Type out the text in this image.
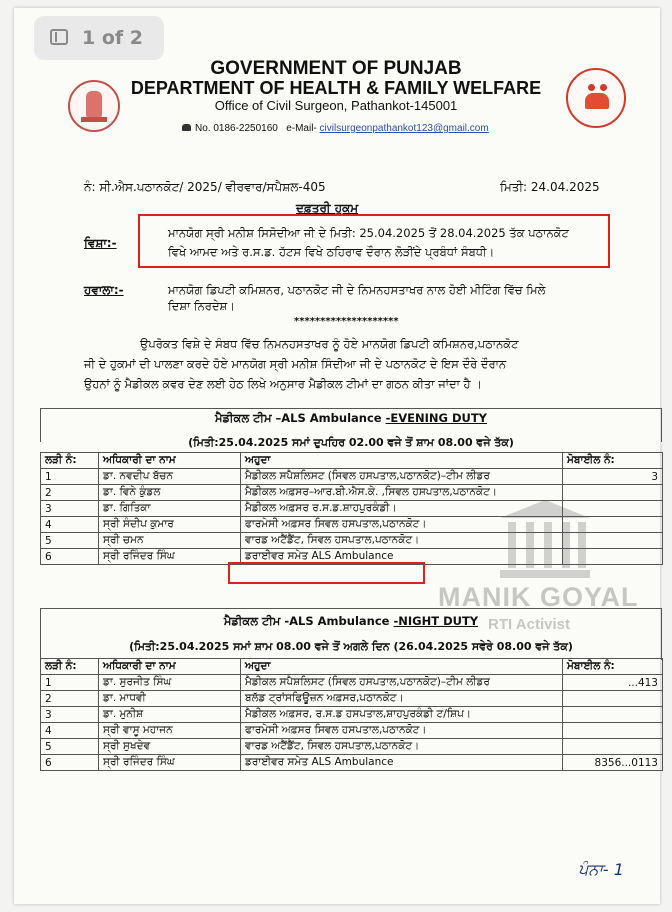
1 of 2
GOVERNMENT OF PUNJAB
DEPARTMENT OF HEALTH & FAMILY WELFARE
Office of Civil Surgeon, Pathankot-145001
No. 0186-2250160 e-Mail- civilsurgeonpathankot123@gmail.com
ਨੰ: ਸੀ.ਐਸ.ਪਠਾਨਕੋਟ/ 2025/ ਵੀਰਵਾਰ/ਸਪੈਸ਼ਲ-405	ਮਿਤੀ: 24.04.2025
ਦਫ਼ਤਰੀ ਹੁਕਮ
ਵਿਸ਼ਾ:-
ਮਾਨਯੋਗ ਸ੍ਰੀ ਮਨੀਸ਼ ਸਿਸੋਦੀਆ ਜੀ ਦੇ ਮਿਤੀ: 25.04.2025 ਤੋਂ 28.04.2025 ਤੱਕ ਪਠਾਨਕੋਟ
ਵਿਖੇ ਆਮਦ ਅਤੇ ਰ.ਸ.ਡ. ਹੱਟਸ ਵਿਖੇ ਠਹਿਰਾਵ ਦੌਰਾਨ ਲੋੜੀਂਦੇ ਪ੍ਰਬੰਧਾਂ ਸੰਬਧੀ।
ਹਵਾਲਾ:-	ਮਾਨਯੋਗ ਡਿਪਟੀ ਕਮਿਸ਼ਨਰ, ਪਠਾਨਕੋਟ ਜੀ ਦੇ ਨਿਮਨਹਸਤਾਖਰ ਨਾਲ ਹੋਈ ਮੀਟਿੰਗ ਵਿੱਚ ਮਿਲੇ
ਦਿਸ਼ਾ ਨਿਰਦੇਸ਼।
********************
ਉਪਰੋਕਤ ਵਿਸ਼ੇ ਦੇ ਸੰਬਧ ਵਿੱਚ ਨਿਮਨਹਸਤਾਖਰ ਨੂੰ ਹੋਏ ਮਾਨਯੋਗ ਡਿਪਟੀ ਕਮਿਸ਼ਨਰ,ਪਠਾਨਕੋਟ
ਜੀ ਦੇ ਹੁਕਮਾਂ ਦੀ ਪਾਲਣਾ ਕਰਦੇ ਹੋਏ ਮਾਨਯੋਗ ਸ੍ਰੀ ਮਨੀਸ਼ ਸਿੰਦੀਆ ਜੀ ਦੇ ਪਠਾਨਕੋਟ ਦੇ ਇਸ ਦੌਰੇ ਦੌਰਾਨ
ਉਹਨਾਂ ਨੂੰ ਮੈਡੀਕਲ ਕਵਰ ਦੇਣ ਲਈ ਹੇਠ ਲਿਖੇ ਅਨੁਸਾਰ ਮੈਡੀਕਲ ਟੀਮਾਂ ਦਾ ਗਠਨ ਕੀਤਾ ਜਾਂਦਾ ਹੈ ।
ਮੈਡੀਕਲ ਟੀਮ –ALS Ambulance -EVENING DUTY
(ਮਿਤੀ:25.04.2025 ਸਮਾਂ ਦੁਪਹਿਰ 02.00 ਵਜੇ ਤੋਂ ਸ਼ਾਮ 08.00 ਵਜੇ ਤੱਕ)
ਲੜੀ ਨੰ:	ਅਧਿਕਾਰੀ ਦਾ ਨਾਮ	ਅਹੁਦਾ	ਮੋਬਾਈਲ ਨੰ:
1	ਡਾ. ਨਵਦੀਪ ਬੱਚਨ	ਮੈਡੀਕਲ ਸਪੈਸ਼ਲਿਸਟ (ਸਿਵਲ ਹਸਪਤਾਲ,ਪਠਾਨਕੋਟ)–ਟੀਮ ਲੀਡਰ	3
2	ਡਾ. ਵਿਨੇ ਕੁੰਡਲ	ਮੈਡੀਕਲ ਅਫ਼ਸਰ–ਆਰ.ਬੀ.ਐਸ.ਕੇ. ,ਸਿਵਲ ਹਸਪਤਾਲ,ਪਠਾਨਕੋਟ।	
3	ਡਾ. ਗਿਤਿਕਾ	ਮੈਡੀਕਲ ਅਫ਼ਸਰ ਰ.ਸ.ਡ.ਸ਼ਾਹਪੁਰਕੰਡੀ।	
4	ਸ੍ਰੀ ਸੰਦੀਪ ਕੁਮਾਰ	ਫਾਰਮੇਸੀ ਅਫ਼ਸਰ ਸਿਵਲ ਹਸਪਤਾਲ,ਪਠਾਨਕੋਟ।	
5	ਸ੍ਰੀ ਚਮਨ	ਵਾਰਡ ਅਟੈਂਡੈਂਟ, ਸਿਵਲ ਹਸਪਤਾਲ,ਪਠਾਨਕੋਟ।	
6	ਸ੍ਰੀ ਰਜਿੰਦਰ ਸਿੰਘ	ਡਰਾਈਵਰ ਸਮੇਤ ALS Ambulance	
ਮੈਡੀਕਲ ਟੀਮ -ALS Ambulance -NIGHT DUTY
(ਮਿਤੀ:25.04.2025 ਸਮਾਂ ਸ਼ਾਮ 08.00 ਵਜੇ ਤੋਂ ਅਗਲੇ ਦਿਨ (26.04.2025 ਸਵੇਰੇ 08.00 ਵਜੇ ਤੱਕ)
ਲੜੀ ਨੰ:	ਅਧਿਕਾਰੀ ਦਾ ਨਾਮ	ਅਹੁਦਾ	ਮੋਬਾਈਲ ਨੰ:
1	ਡਾ. ਸੁਰਜੀਤ ਸਿੰਘ	ਮੈਡੀਕਲ ਸਪੈਸ਼ਲਿਸਟ (ਸਿਵਲ ਹਸਪਤਾਲ,ਪਠਾਨਕੋਟ)–ਟੀਮ ਲੀਡਰ	...413
2	ਡਾ. ਮਾਧਵੀ	ਬਲੱਡ ਟ੍ਰਾਂਸਫਿਊਜ਼ਨ ਅਫ਼ਸਰ,ਪਠਾਨਕੋਟ।	
3	ਡਾ. ਮੁਨੀਸ਼	ਮੈਡੀਕਲ ਅਫ਼ਸਰ, ਰ.ਸ.ਡ ਹਸਪਤਾਲ,ਸ਼ਾਹਪੁਰਕੰਡੀ ਟ/ਸ਼ਿਪ।	
4	ਸ੍ਰੀ ਵਾਸੂ ਮਹਾਜਨ	ਫਾਰਮੇਸੀ ਅਫ਼ਸਰ ਸਿਵਲ ਹਸਪਤਾਲ,ਪਠਾਨਕੋਟ।	
5	ਸ੍ਰੀ ਸੁਖਦੇਵ	ਵਾਰਡ ਅਟੈਂਡੈਂਟ, ਸਿਵਲ ਹਸਪਤਾਲ,ਪਠਾਨਕੋਟ।	
6	ਸ੍ਰੀ ਰਜਿੰਦਰ ਸਿੰਘ	ਡਰਾਈਵਰ ਸਮੇਤ ALS Ambulance	8356...0113
MANIK GOYAL
RTI Activist
ਪੰਨਾ- 1
